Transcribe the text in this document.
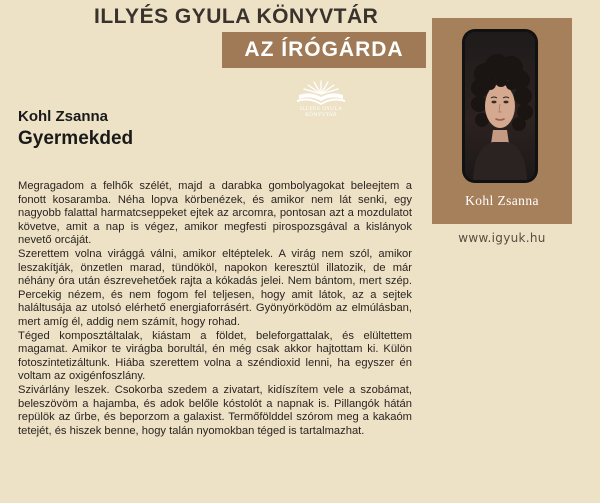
ILLYÉS GYULA KÖNYVTÁR
AZ ÍRÓGÁRDA
ILLYÉS GYULA
KÖNYVTÁR
Kohl Zsanna
Gyermekded

Megragadom a felhők szélét, majd a darabka gombolyagokat beleejtem a fonott kosaramba. Néha lopva körbenézek, és amikor nem lát senki, egy nagyobb falattal harmatcseppeket ejtek az arcomra, pontosan azt a mozdulatot követve, amit a nap is végez, amikor megfesti pirospozsgával a kislányok nevető orcáját.

Szerettem volna virággá válni, amikor eltéptelek. A virág nem szól, amikor leszakítják, önzetlen marad, tündököl, napokon keresztül illatozik, de már néhány óra után észrevehetőek rajta a kókadás jelei. Nem bántom, mert szép. Percekig nézem, és nem fogom fel teljesen, hogy amit látok, az a sejtek haláltusája az utolsó elérhető energiaforrásért. Gyönyörködöm az elmúlásban, mert amíg él, addig nem számít, hogy rohad.

Téged komposztáltalak, kiástam a földet, beleforgattalak, és elültettem magamat. Amikor te virágba borultál, én még csak akkor hajtottam ki. Külön fotoszintetizáltunk. Hiába szerettem volna a széndioxid lenni, ha egyszer én voltam az oxigénfoszlány.

Szivárlány leszek. Csokorba szedem a zivatart, kidíszítem vele a szobámat, beleszövöm a hajamba, és adok belőle kóstolót a napnak is. Pillangók hátán repülök az űrbe, és beporzom a galaxist. Termőfölddel szórom meg a kakaóm tetejét, és hiszek benne, hogy talán nyomokban téged is tartalmazhat.

Kohl Zsanna
www.igyuk.hu
